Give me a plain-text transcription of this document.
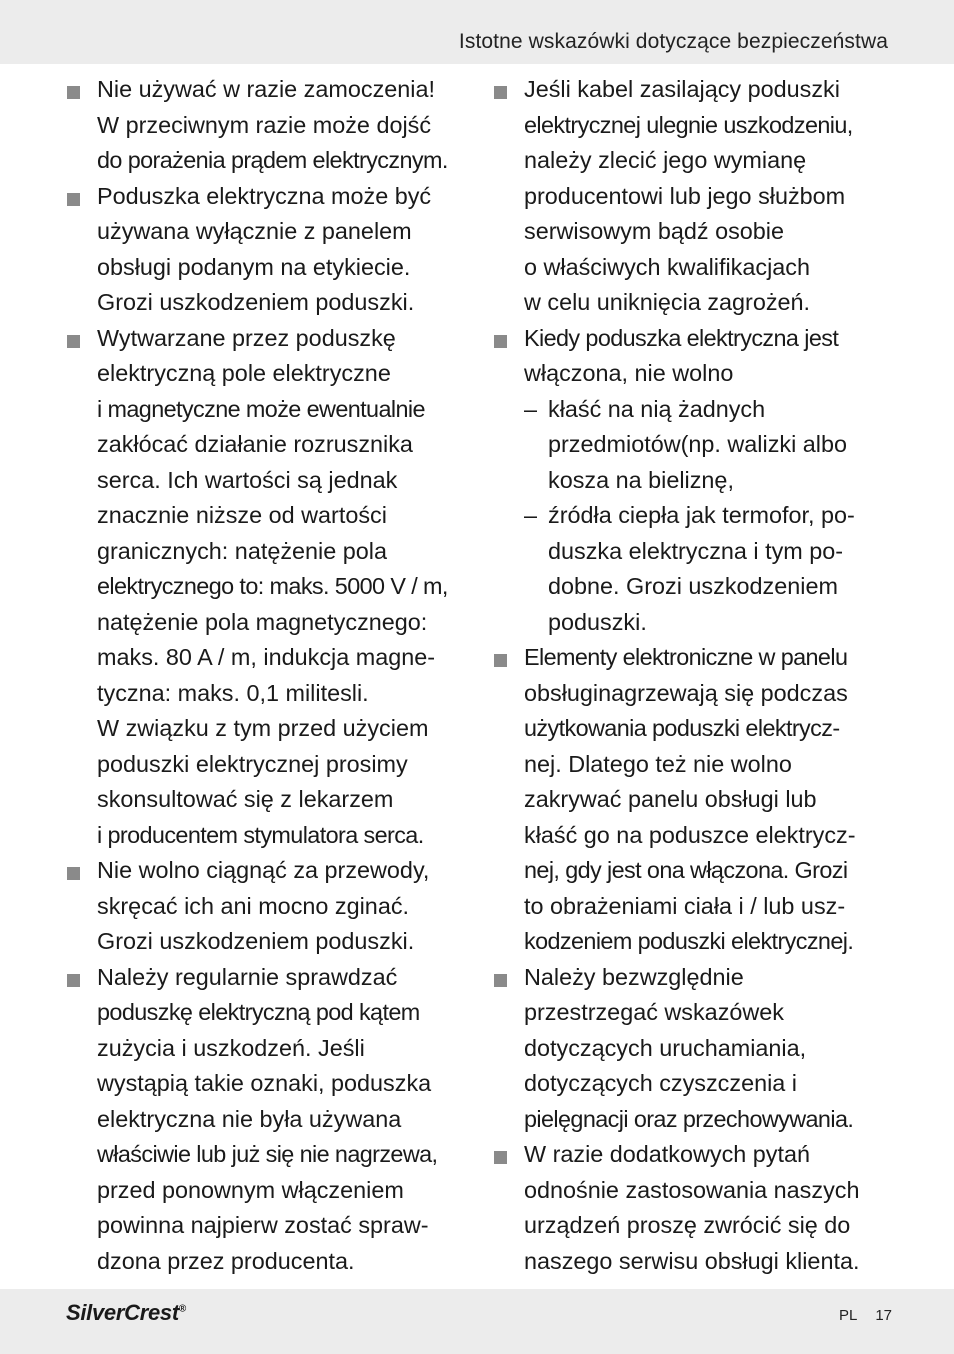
Istotne wskazówki dotyczące bezpieczeństwa
Nie używać w razie zamoczenia!
W przeciwnym razie może dojść
do porażenia prądem elektrycznym.
Poduszka elektryczna może być
używana wyłącznie z panelem
obsługi podanym na etykiecie.
Grozi uszkodzeniem poduszki.
Wytwarzane przez poduszkę
elektryczną pole elektryczne
i magnetyczne może ewentualnie
zakłócać działanie rozrusznika
serca. Ich wartości są jednak
znacznie niższe od wartości
granicznych: natężenie pola
elektrycznego to: maks. 5000 V / m,
natężenie pola magnetycznego:
maks. 80 A / m, indukcja magne-
tyczna: maks. 0,1 militesli.
W związku z tym przed użyciem
poduszki elektrycznej prosimy
skonsultować się z lekarzem
i producentem stymulatora serca.
Nie wolno ciągnąć za przewody,
skręcać ich ani mocno zginać.
Grozi uszkodzeniem poduszki.
Należy regularnie sprawdzać
poduszkę elektryczną pod kątem
zużycia i uszkodzeń. Jeśli
wystąpią takie oznaki, poduszka
elektryczna nie była używana
właściwie lub już się nie nagrzewa,
przed ponownym włączeniem
powinna najpierw zostać spraw-
dzona przez producenta.
Jeśli kabel zasilający poduszki
elektrycznej ulegnie uszkodzeniu,
należy zlecić jego wymianę
producentowi lub jego służbom
serwisowym bądź osobie
o właściwych kwalifikacjach
w celu uniknięcia zagrożeń.
Kiedy poduszka elektryczna jest
włączona, nie wolno
– kłaść na nią żadnych
przedmiotów(np. walizki albo
kosza na bieliznę,
– źródła ciepła jak termofor, po-
duszka elektryczna i tym po-
dobne. Grozi uszkodzeniem
poduszki.
Elementy elektroniczne w panelu
obsługinagrzewają się podczas
użytkowania poduszki elektrycz-
nej. Dlatego też nie wolno
zakrywać panelu obsługi lub
kłaść go na poduszce elektrycz-
nej, gdy jest ona włączona. Grozi
to obrażeniami ciała i / lub usz-
kodzeniem poduszki elektrycznej.
Należy bezwzględnie
przestrzegać wskazówek
dotyczących uruchamiania,
dotyczących czyszczenia i
pielęgnacji oraz przechowywania.
W razie dodatkowych pytań
odnośnie zastosowania naszych
urządzeń proszę zwrócić się do
naszego serwisu obsługi klienta.
SilverCrest®	PL 17
